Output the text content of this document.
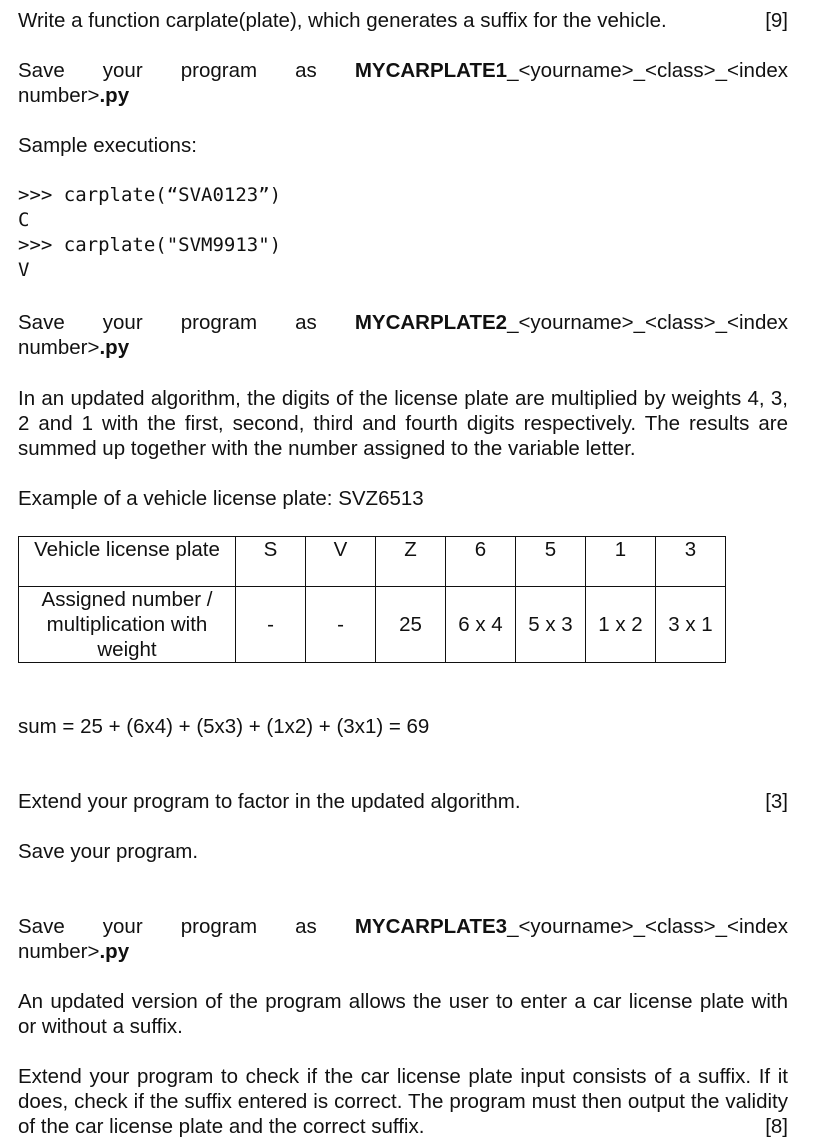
Write a function carplate(plate), which generates a suffix for the vehicle.	[9]
Save your program as MYCARPLATE1_<yourname>_<class>_<index
number>.py
Sample executions:
>>> carplate(“SVA0123”)
C
>>> carplate("SVM9913")
V
Save your program as MYCARPLATE2_<yourname>_<class>_<index
number>.py

In an updated algorithm, the digits of the license plate are multiplied by weights 4, 3, 2 and 1 with the first, second, third and fourth digits respectively. The results are summed up together with the number assigned to the variable letter.

Example of a vehicle license plate: SVZ6513
Vehicle license plate	S	V	Z	6	5	1	3
Assigned number / multiplication with weight	-	-	25	6 x 4	5 x 3	1 x 2	3 x 1
sum = 25 + (6x4) + (5x3) + (1x2) + (3x1) = 69
Extend your program to factor in the updated algorithm.	[3]
Save your program.
Save your program as MYCARPLATE3_<yourname>_<class>_<index
number>.py

An updated version of the program allows the user to enter a car license plate with or without a suffix.

Extend your program to check if the car license plate input consists of a suffix. If it does, check if the suffix entered is correct. The program must then output the validity of the car license plate and the correct suffix.	[8]
